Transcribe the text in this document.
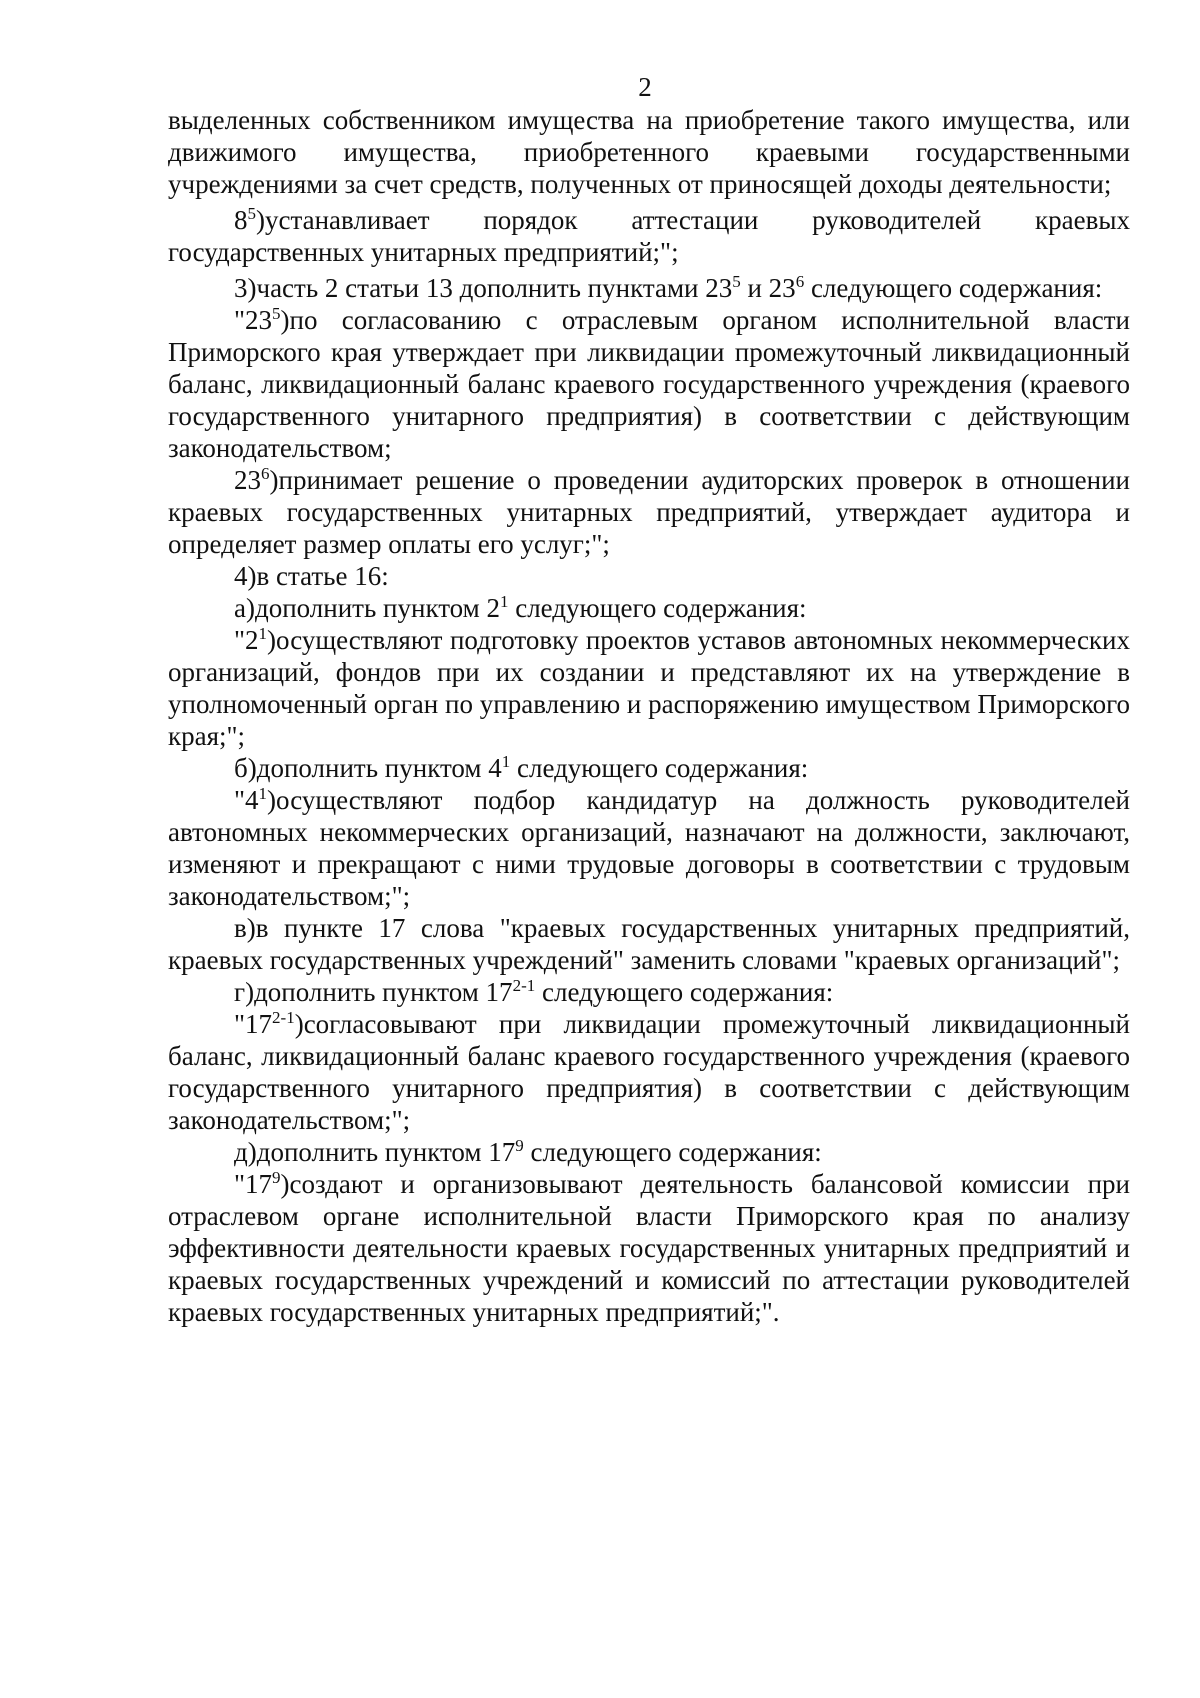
2

выделенных собственником имущества на приобретение такого имущества, или движимого имущества, приобретенного краевыми государственными учреждениями за счет средств, полученных от приносящей доходы деятельности;

$8^5)устанавливает$ порядок аттестации руководителей краевых государственных унитарных предприятий;";

3)часть 2 статьи 13 дополнить пунктами $23^5$ и $23^6$ следующего содержания:

"$23^5)по$ согласованию с отраслевым органом исполнительной власти Приморского края утверждает при ликвидации промежуточный ликвидационный баланс, ликвидационный баланс краевого государственного учреждения (краевого государственного унитарного предприятия) в соответствии с действующим законодательством;

$23^6)принимает$ решение о проведении аудиторских проверок в отношении краевых государственных унитарных предприятий, утверждает аудитора и определяет размер оплаты его услуг;";

4)в статье 16:

а)дополнить пунктом $2^1$ следующего содержания:

"$2^1)осуществляют$ подготовку проектов уставов автономных некоммерческих организаций, фондов при их создании и представляют их на утверждение в уполномоченный орган по управлению и распоряжению имуществом Приморского края;";

б)дополнить пунктом $4^1$ следующего содержания:

"$4^1)осуществляют$ подбор кандидатур на должность руководителей автономных некоммерческих организаций, назначают на должности, заключают, изменяют и прекращают с ними трудовые договоры в соответствии с трудовым законодательством;";

в)в пункте 17 слова "краевых государственных унитарных предприятий, краевых государственных учреждений" заменить словами "краевых организаций";

г)дополнить пунктом 17$^{2-1}$ следующего содержания:

"17$^{2-1}$)согласовывают при ликвидации промежуточный ликвидационный баланс, ликвидационный баланс краевого государственного учреждения (краевого государственного унитарного предприятия) в соответствии с действующим законодательством;";

д)дополнить пунктом $17^9$ следующего содержания:

"$17^9)создают$ и организовывают деятельность балансовой комиссии при отраслевом органе исполнительной власти Приморского края по анализу эффективности деятельности краевых государственных унитарных предприятий и краевых государственных учреждений и комиссий по аттестации руководителей краевых государственных унитарных предприятий;".
